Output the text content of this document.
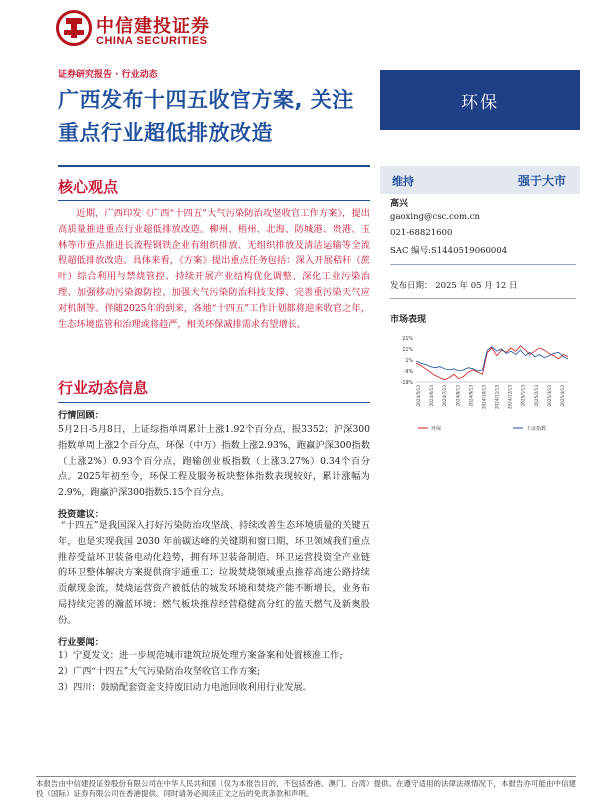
中信建投证券
CHINA SECURITIES
证券研究报告 · 行业动态
广西发布十四五收官方案, 关注
重点行业超低排放改造
环保
核心观点

近期，广西印发《广西“十四五”大气污染防治攻坚收官工作方案》，提出高质量推进重点行业超低排放改造。柳州、梧州、北海、防城港、贵港、玉林等市重点推进长流程钢铁企业有组织排放、无组织排放及清洁运输等全流程超低排放改造。具体来看，《方案》提出重点任务包括：深入开展秸秆（蔗叶）综合利用与禁烧管控、持续开展产业结构优化调整、深化工业污染治理、加强移动污染源防控、加强大气污染防治科技支撑、完善重污染天气应对机制等。伴随2025年的到来，各地“十四五”工作计划都将迎来收官之年，生态环境监管和治理或将趋严，相关环保减排需求有望增长。

行业动态信息
行情回顾：

5月2日-5月8日，上证综指单周累计上涨1.92个百分点，报3352；沪深300指数单周上涨2个百分点，环保（中万）指数上涨2.93%，跑赢沪深300指数（上涨2%）0.93个百分点，跑输创业板指数（上涨3.27%）0.34个百分点。2025年初至今，环保工程及服务板块整体指数表现较好，累计涨幅为2.9%，跑赢沪深300指数5.15个百分点。

投资建议：

“十四五”是我国深入打好污染防治攻坚战、持续改善生态环境质量的关键五年，也是实现我国 2030 年前碳达峰的关键期和窗口期，环卫领域我们重点推荐受益环卫装备电动化趋势，拥有环卫装备制造、环卫运营投资全产业链的环卫整体解决方案提供商宇通重工；垃圾焚烧领域重点推荐高速公路持续贡献现金流，焚烧运营资产被低估的城发环境和焚烧产能不断增长，业务布局持续完善的瀚蓝环境；燃气板块推荐经营稳健高分红的蓝天燃气及新奥股份。

行业要闻：
1）宁夏发文：进一步规范城市建筑垃圾处理方案备案和处置核准工作;
2）广西“十四五”大气污染防治攻坚收官工作方案;
3）四川：鼓励配套资金支持废旧动力电池回收利用行业发展。
维持	强于大市
高兴
gaoxing@csc.com.cn
021-68821600
SAC 编号:S1440519060004
发布日期： 2025 年 05 月 12 日
市场表现
21%
11%
1%
-9%
-19%
2024/5/13 2024/6/13 2024/7/13 2024/8/13 2024/9/13 2024/10/13 2024/11/13 2024/12/13 2025/1/13 2025/2/13 2025/3/13 2025/4/13
环保	上证指数
本报告由中信建投证券股份有限公司在中华人民共和国（仅为本报告目的，不包括香港、澳门、台湾）提供。在遵守适用的法律法规情况下，本报告亦可能由中信建投（国际）证券有限公司在香港提供。同时请务必阅读正文之后的免责条款和声明。
